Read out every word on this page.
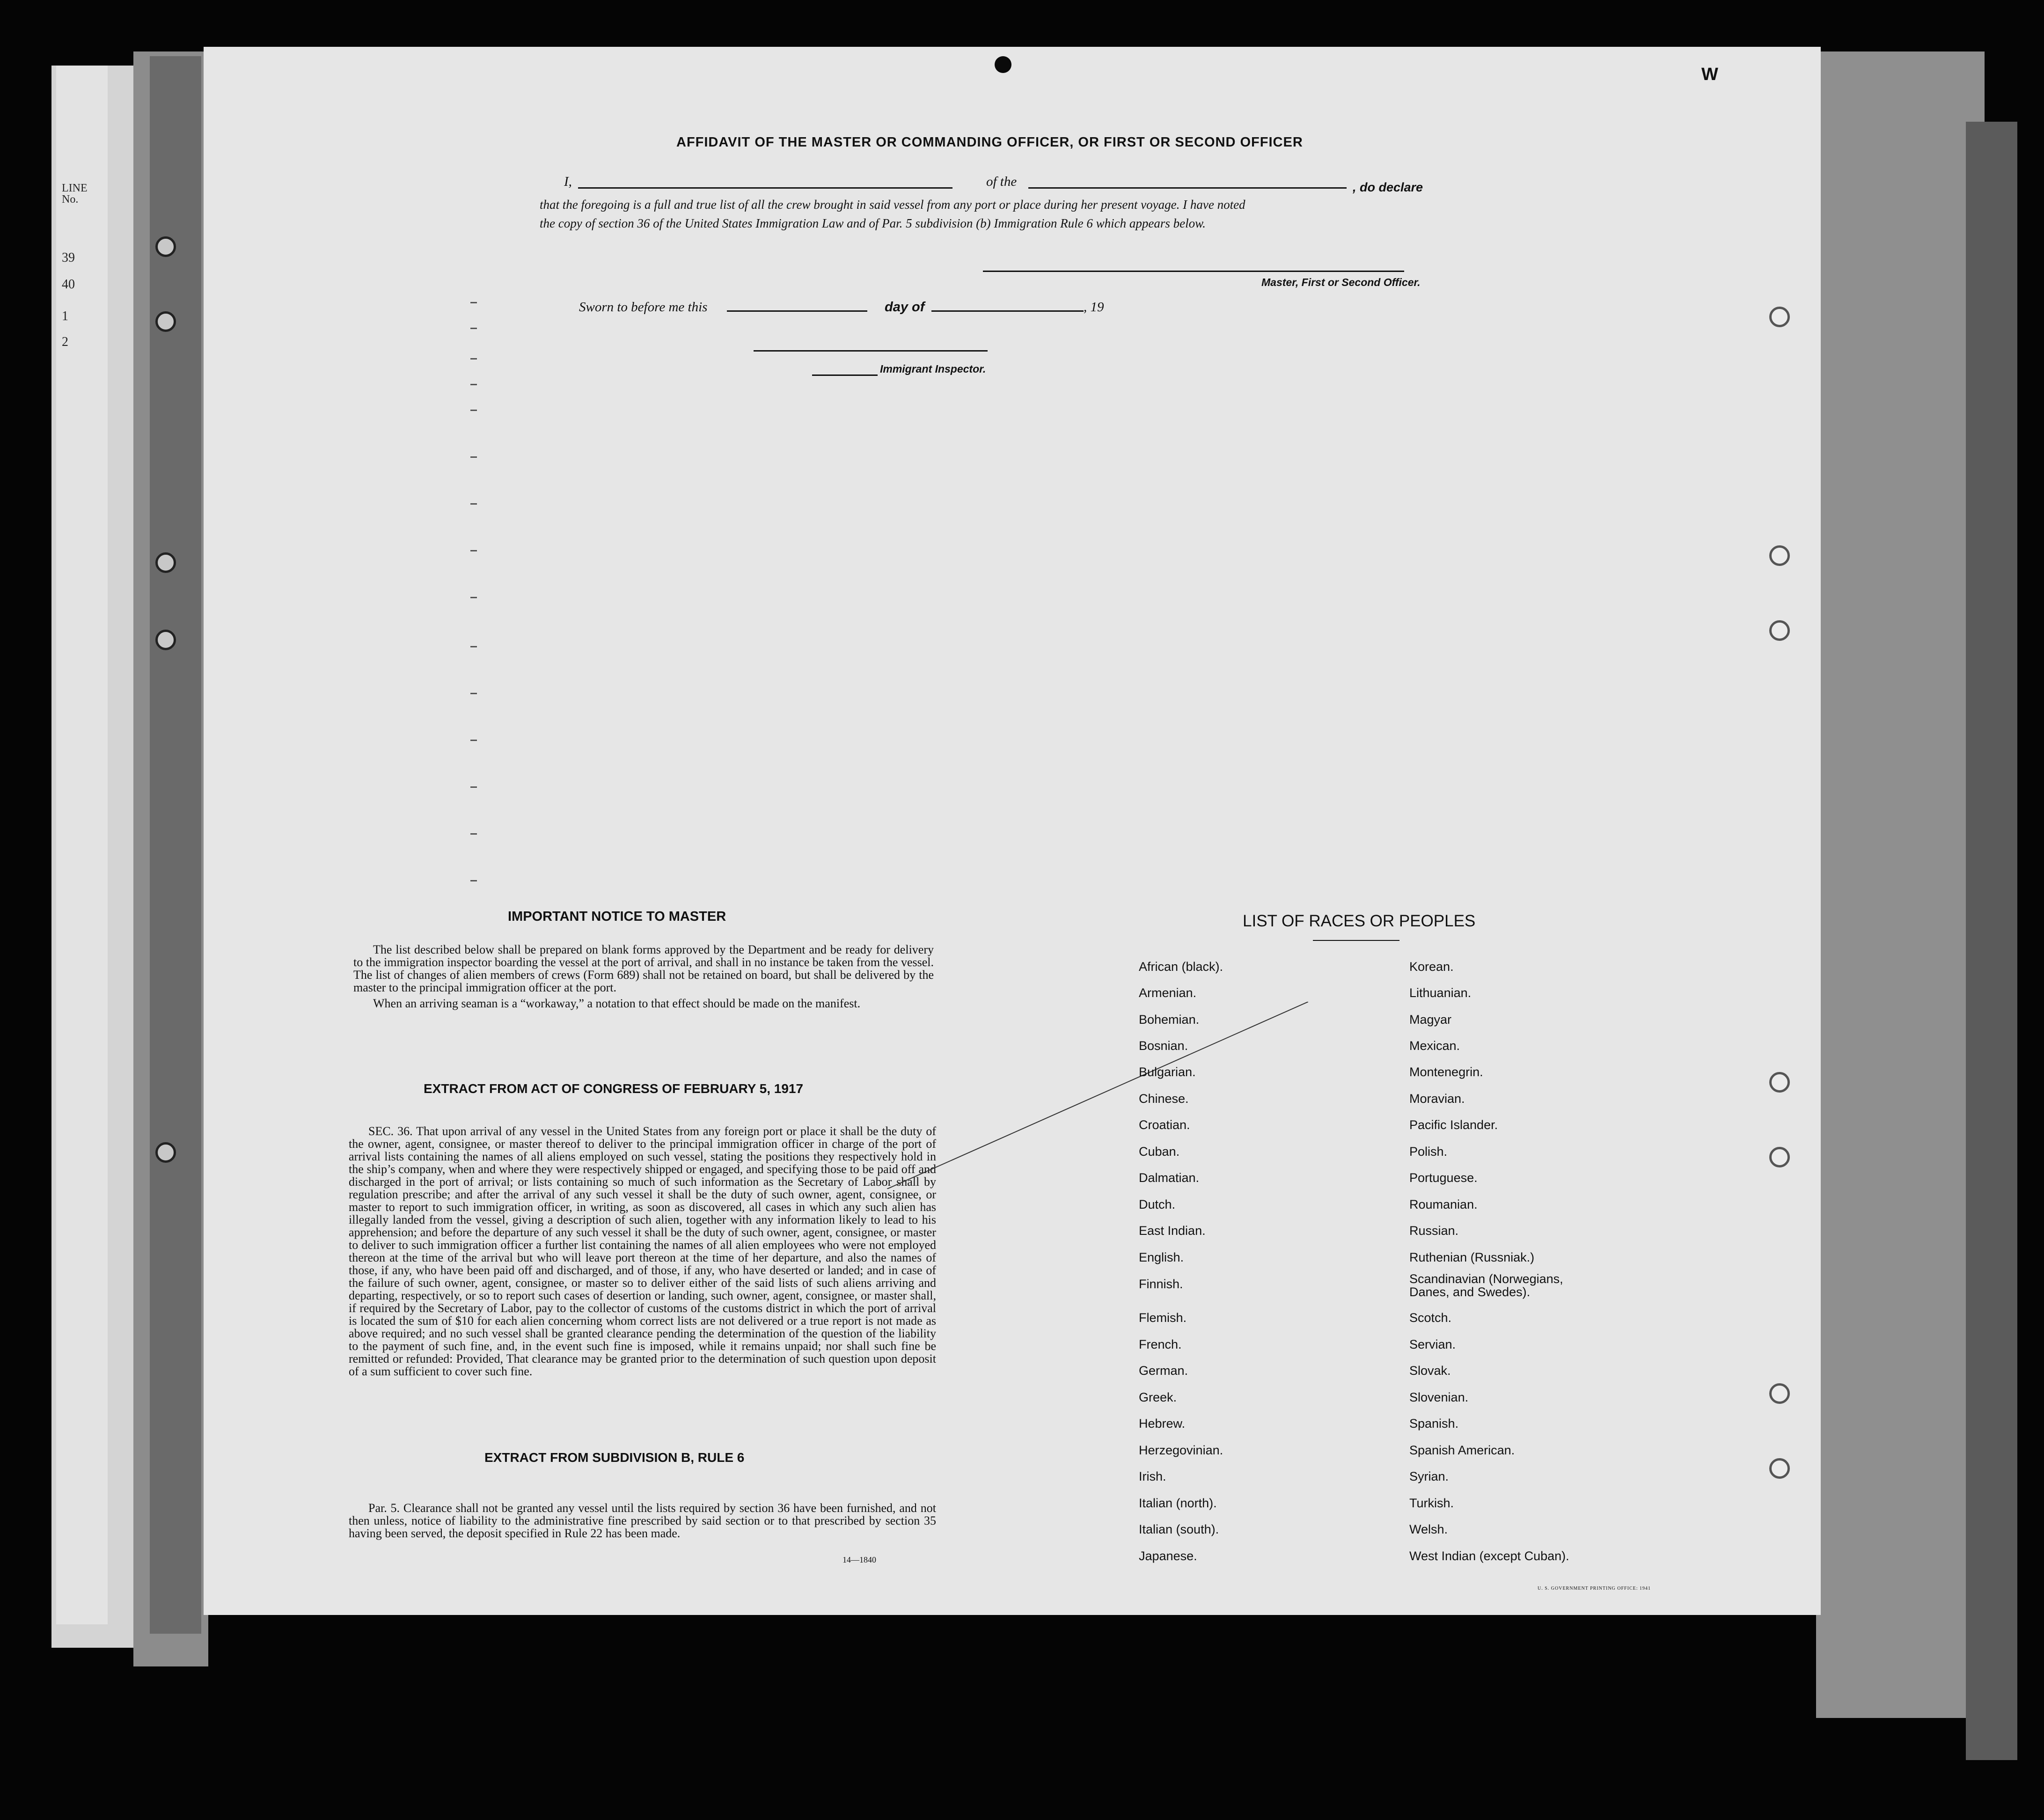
LINE No.
39
40
1
2
W
AFFIDAVIT OF THE MASTER OR COMMANDING OFFICER, OR FIRST OR SECOND OFFICER
I,	of the	, do declare
that the foregoing is a full and true list of all the crew brought in said vessel from any port or place during her present voyage. I have noted
the copy of section 36 of the United States Immigration Law and of Par. 5 subdivision (b) Immigration Rule 6 which appears below.
Master, First or Second Officer.
Sworn to before me this	day of	, 19
Immigrant Inspector.
IMPORTANT NOTICE TO MASTER
The list described below shall be prepared on blank forms approved by the Department and be ready for delivery to the immigration inspector boarding the vessel at the port of arrival, and shall in no instance be taken from the vessel. The list of changes of alien members of crews (Form 689) shall not be retained on board, but shall be delivered by the master to the principal immigration officer at the port.
When an arriving seaman is a “workaway,” a notation to that effect should be made on the manifest.
EXTRACT FROM ACT OF CONGRESS OF FEBRUARY 5, 1917
SEC. 36. That upon arrival of any vessel in the United States from any foreign port or place it shall be the duty of the owner, agent, consignee, or master thereof to deliver to the principal immigration officer in charge of the port of arrival lists containing the names of all aliens employed on such vessel, stating the positions they respectively hold in the ship’s company, when and where they were respectively shipped or engaged, and specifying those to be paid off and discharged in the port of arrival; or lists containing so much of such information as the Secretary of Labor shall by regulation prescribe; and after the arrival of any such vessel it shall be the duty of such owner, agent, consignee, or master to report to such immigration officer, in writing, as soon as discovered, all cases in which any such alien has illegally landed from the vessel, giving a description of such alien, together with any information likely to lead to his apprehension; and before the departure of any such vessel it shall be the duty of such owner, agent, consignee, or master to deliver to such immigration officer a further list containing the names of all alien employees who were not employed thereon at the time of the arrival but who will leave port thereon at the time of her departure, and also the names of those, if any, who have been paid off and discharged, and of those, if any, who have deserted or landed; and in case of the failure of such owner, agent, consignee, or master so to deliver either of the said lists of such aliens arriving and departing, respectively, or so to report such cases of desertion or landing, such owner, agent, consignee, or master shall, if required by the Secretary of Labor, pay to the collector of customs of the customs district in which the port of arrival is located the sum of $10 for each alien concerning whom correct lists are not delivered or a true report is not made as above required; and no such vessel shall be granted clearance pending the determination of the question of the liability to the payment of such fine, and, in the event such fine is imposed, while it remains unpaid; nor shall such fine be remitted or refunded: Provided, That clearance may be granted prior to the determination of such question upon deposit of a sum sufficient to cover such fine.
EXTRACT FROM SUBDIVISION B, RULE 6
Par. 5. Clearance shall not be granted any vessel until the lists required by section 36 have been furnished, and not then unless, notice of liability to the administrative fine prescribed by said section or to that prescribed by section 35 having been served, the deposit specified in Rule 22 has been made.
14—1840
LIST OF RACES OR PEOPLES
U. S. GOVERNMENT PRINTING OFFICE: 1941
African (black).
Armenian.
Bohemian.
Bosnian.
Bulgarian.
Chinese.
Croatian.
Cuban.
Dalmatian.
Dutch.
East Indian.
English.
Finnish.
Flemish.
French.
German.
Greek.
Hebrew.
Herzegovinian.
Irish.
Italian (north).
Italian (south).
Japanese.
Korean.
Lithuanian.
Magyar
Mexican.
Montenegrin.
Moravian.
Pacific Islander.
Polish.
Portuguese.
Roumanian.
Russian.
Ruthenian (Russniak.)
Scandinavian (Norwegians, Danes, and Swedes).
Scotch.
Servian.
Slovak.
Slovenian.
Spanish.
Spanish American.
Syrian.
Turkish.
Welsh.
West Indian (except Cuban).
